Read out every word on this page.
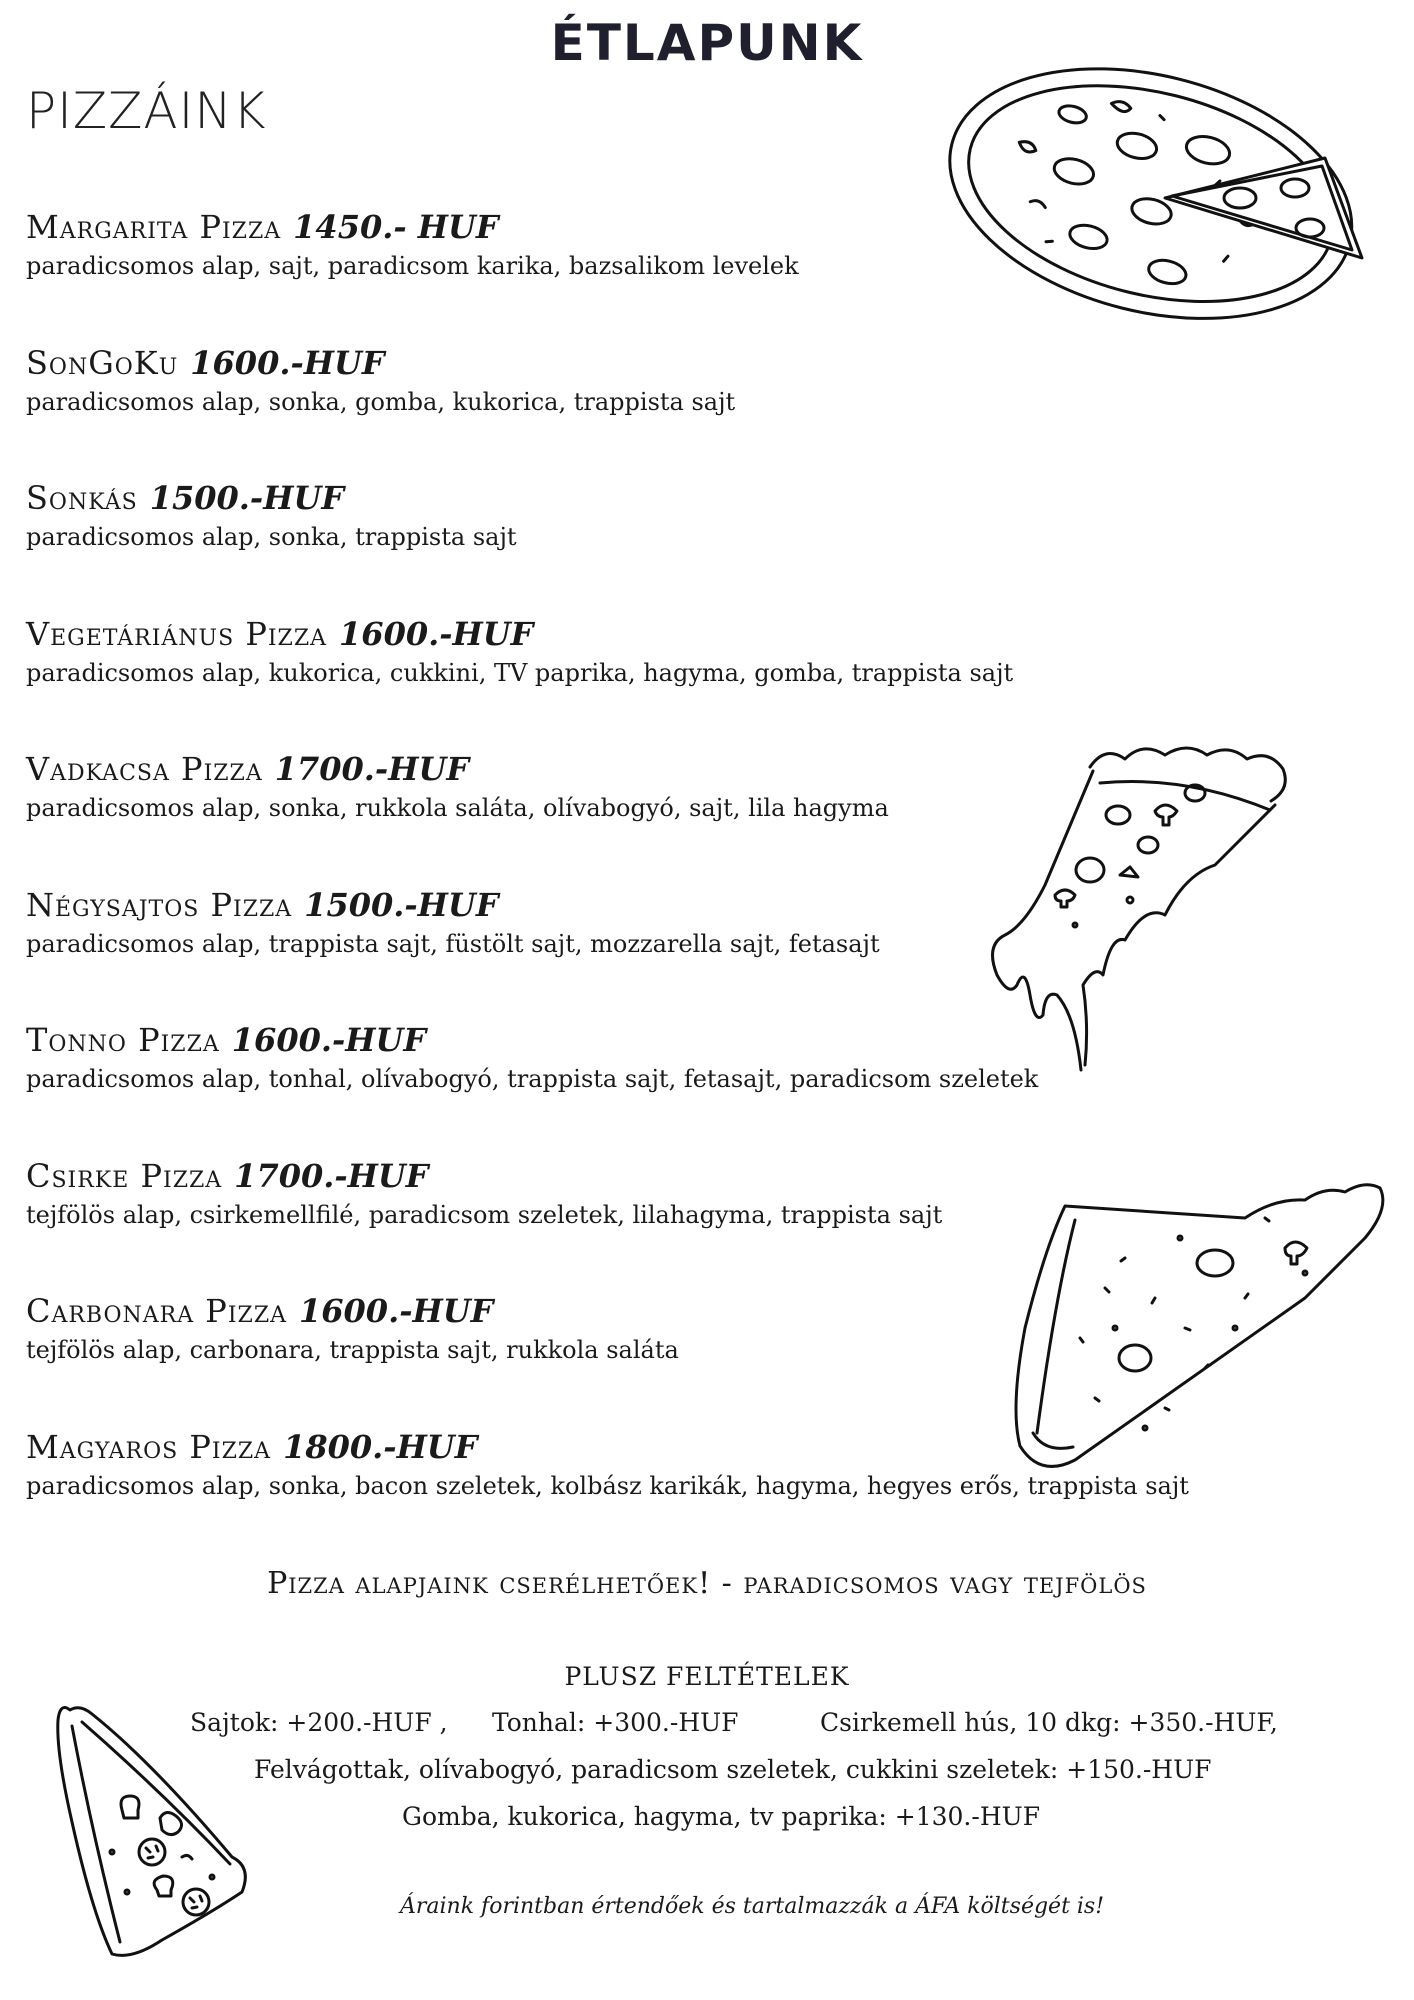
ÉTLAPUNK
PIZZÁINK
Margarita Pizza 1450.- HUF
paradicsomos alap, sajt, paradicsom karika, bazsalikom levelek
SonGoKu 1600.-HUF
paradicsomos alap, sonka, gomba, kukorica, trappista sajt
Sonkás 1500.-HUF
paradicsomos alap, sonka, trappista sajt
Vegetáriánus Pizza 1600.-HUF
paradicsomos alap, kukorica, cukkini, TV paprika, hagyma, gomba, trappista sajt
Vadkacsa Pizza 1700.-HUF
paradicsomos alap, sonka, rukkola saláta, olívabogyó, sajt, lila hagyma
Négysajtos Pizza 1500.-HUF
paradicsomos alap, trappista sajt, füstölt sajt, mozzarella sajt, fetasajt
Tonno Pizza 1600.-HUF
paradicsomos alap, tonhal, olívabogyó, trappista sajt, fetasajt, paradicsom szeletek
Csirke Pizza 1700.-HUF
tejfölös alap, csirkemellfilé, paradicsom szeletek, lilahagyma, trappista sajt
Carbonara Pizza 1600.-HUF
tejfölös alap, carbonara, trappista sajt, rukkola saláta
Magyaros Pizza 1800.-HUF
paradicsomos alap, sonka, bacon szeletek, kolbász karikák, hagyma, hegyes erős, trappista sajt

Pizza alapjaink cserélhetőek! - paradicsomos vagy tejfölös

PLUSZ FELTÉTELEK
Sajtok: +200.-HUF , Tonhal: +300.-HUF	Csirkemell hús, 10 dkg: +350.-HUF,
Felvágottak, olívabogyó, paradicsom szeletek, cukkini szeletek: +150.-HUF
Gomba, kukorica, hagyma, tv paprika: +130.-HUF
Áraink forintban értendőek és tartalmazzák a ÁFA költségét is!
